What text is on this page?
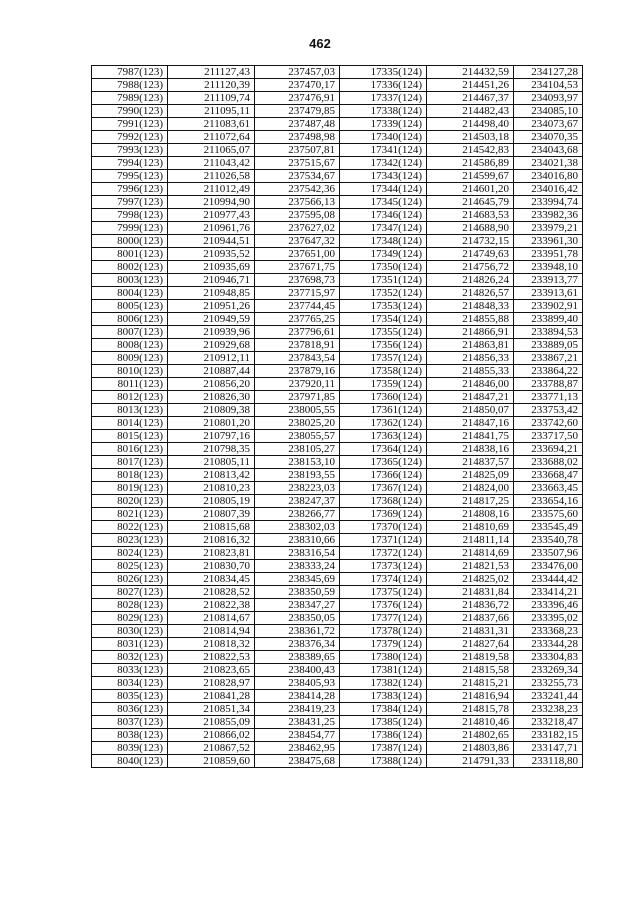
462
7987(123)	211127,43	237457,03	17335(124)	214432,59	234127,28
7988(123)	211120,39	237470,17	17336(124)	214451,26	234104,53
7989(123)	211109,74	237476,91	17337(124)	214467,37	234093,97
7990(123)	211095,11	237479,85	17338(124)	214482,43	234085,10
7991(123)	211083,61	237487,48	17339(124)	214498,40	234073,67
7992(123)	211072,64	237498,98	17340(124)	214503,18	234070,35
7993(123)	211065,07	237507,81	17341(124)	214542,83	234043,68
7994(123)	211043,42	237515,67	17342(124)	214586,89	234021,38
7995(123)	211026,58	237534,67	17343(124)	214599,67	234016,80
7996(123)	211012,49	237542,36	17344(124)	214601,20	234016,42
7997(123)	210994,90	237566,13	17345(124)	214645,79	233994,74
7998(123)	210977,43	237595,08	17346(124)	214683,53	233982,36
7999(123)	210961,76	237627,02	17347(124)	214688,90	233979,21
8000(123)	210944,51	237647,32	17348(124)	214732,15	233961,30
8001(123)	210935,52	237651,00	17349(124)	214749,63	233951,78
8002(123)	210935,69	237671,75	17350(124)	214756,72	233948,10
8003(123)	210946,71	237698,73	17351(124)	214826,24	233913,77
8004(123)	210948,85	237715,97	17352(124)	214826,57	233913,61
8005(123)	210951,26	237744,45	17353(124)	214848,33	233902,91
8006(123)	210949,59	237765,25	17354(124)	214855,88	233899,40
8007(123)	210939,96	237796,61	17355(124)	214866,91	233894,53
8008(123)	210929,68	237818,91	17356(124)	214863,81	233889,05
8009(123)	210912,11	237843,54	17357(124)	214856,33	233867,21
8010(123)	210887,44	237879,16	17358(124)	214855,33	233864,22
8011(123)	210856,20	237920,11	17359(124)	214846,00	233788,87
8012(123)	210826,30	237971,85	17360(124)	214847,21	233771,13
8013(123)	210809,38	238005,55	17361(124)	214850,07	233753,42
8014(123)	210801,20	238025,20	17362(124)	214847,16	233742,60
8015(123)	210797,16	238055,57	17363(124)	214841,75	233717,50
8016(123)	210798,35	238105,27	17364(124)	214838,16	233694,21
8017(123)	210805,11	238153,10	17365(124)	214837,57	233688,02
8018(123)	210813,42	238193,55	17366(124)	214825,09	233668,47
8019(123)	210810,23	238223,03	17367(124)	214824,00	233663,45
8020(123)	210805,19	238247,37	17368(124)	214817,25	233654,16
8021(123)	210807,39	238266,77	17369(124)	214808,16	233575,60
8022(123)	210815,68	238302,03	17370(124)	214810,69	233545,49
8023(123)	210816,32	238310,66	17371(124)	214811,14	233540,78
8024(123)	210823,81	238316,54	17372(124)	214814,69	233507,96
8025(123)	210830,70	238333,24	17373(124)	214821,53	233476,00
8026(123)	210834,45	238345,69	17374(124)	214825,02	233444,42
8027(123)	210828,52	238350,59	17375(124)	214831,84	233414,21
8028(123)	210822,38	238347,27	17376(124)	214836,72	233396,46
8029(123)	210814,67	238350,05	17377(124)	214837,66	233395,02
8030(123)	210814,94	238361,72	17378(124)	214831,31	233368,23
8031(123)	210818,32	238376,34	17379(124)	214827,64	233344,28
8032(123)	210822,53	238389,65	17380(124)	214819,58	233304,83
8033(123)	210823,65	238400,43	17381(124)	214815,58	233269,34
8034(123)	210828,97	238405,93	17382(124)	214815,21	233255,73
8035(123)	210841,28	238414,28	17383(124)	214816,94	233241,44
8036(123)	210851,34	238419,23	17384(124)	214815,78	233238,23
8037(123)	210855,09	238431,25	17385(124)	214810,46	233218,47
8038(123)	210866,02	238454,77	17386(124)	214802,65	233182,15
8039(123)	210867,52	238462,95	17387(124)	214803,86	233147,71
8040(123)	210859,60	238475,68	17388(124)	214791,33	233118,80
